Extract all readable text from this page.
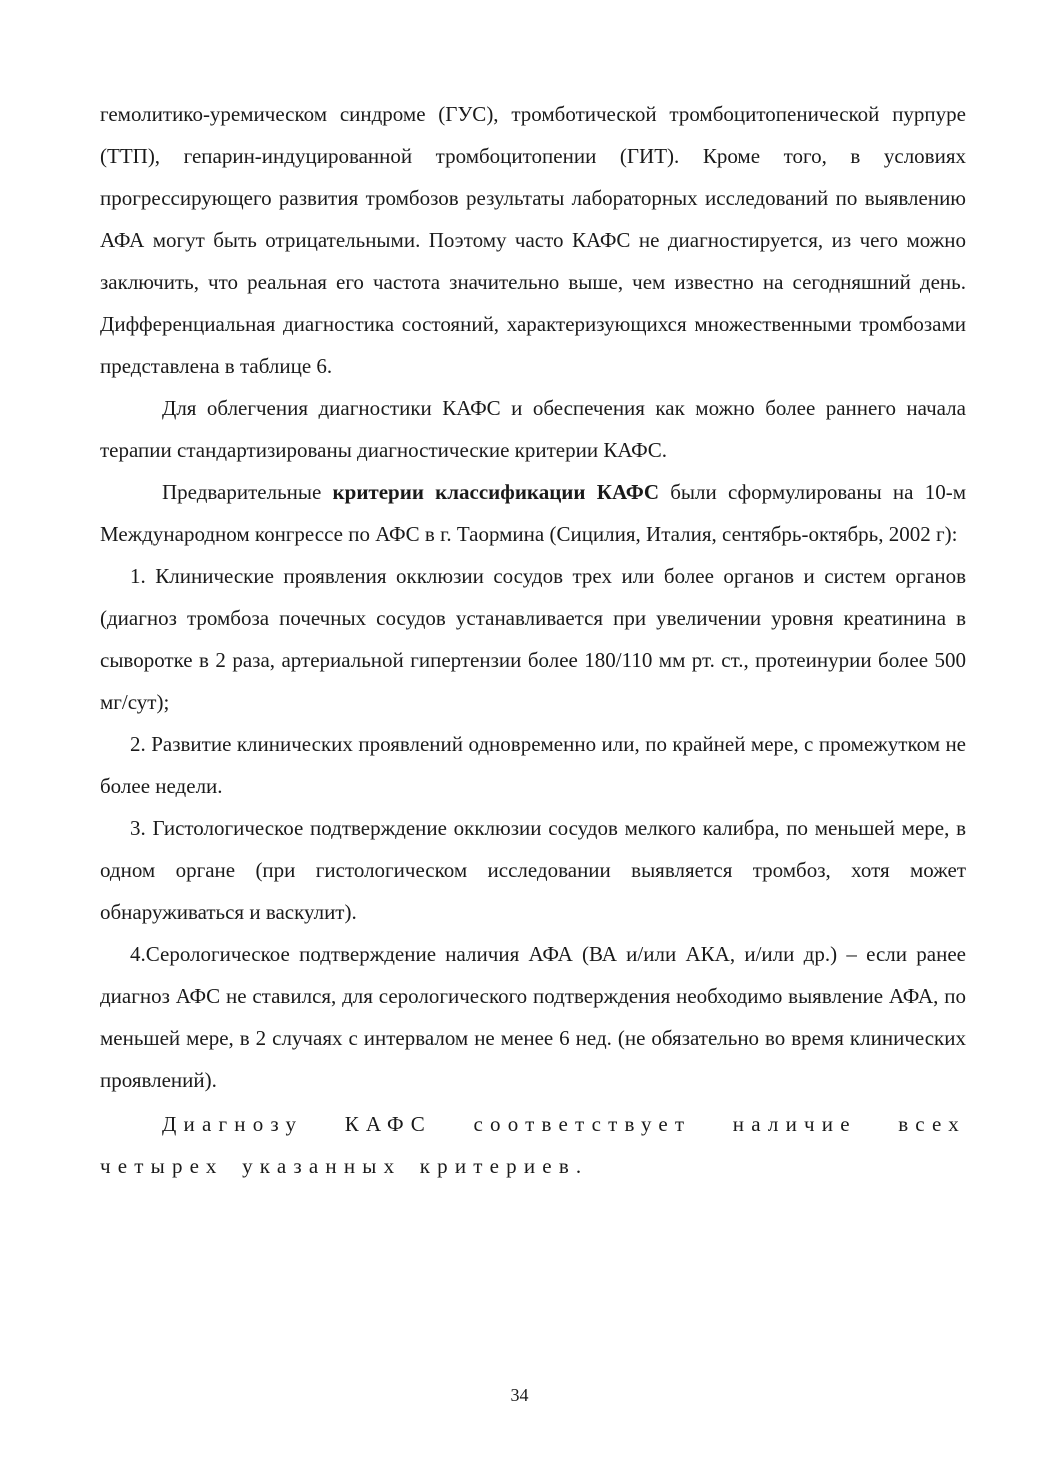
гемолитико-уремическом синдроме (ГУС), тромботической тромбоцитопенической пурпуре (ТТП), гепарин-индуцированной тромбоцитопении (ГИТ). Кроме того, в условиях прогрессирующего развития тромбозов результаты лабораторных исследований по выявлению АФА могут быть отрицательными. Поэтому часто КАФС не диагностируется, из чего можно заключить, что реальная его частота значительно выше, чем известно на сегодняшний день. Дифференциальная диагностика состояний, характеризующихся множественными тромбозами представлена в таблице 6.

Для облегчения диагностики КАФС и обеспечения как можно более раннего начала терапии стандартизированы диагностические критерии КАФС.

Предварительные критерии классификации КАФС были сформулированы на 10-м Международном конгрессе по АФС в г. Таормина (Сицилия, Италия, сентябрь-октябрь, 2002 г):

1. Клинические проявления окклюзии сосудов трех или более органов и систем органов (диагноз тромбоза почечных сосудов устанавливается при увеличении уровня креатинина в сыворотке в 2 раза, артериальной гипертензии более 180/110 мм рт. ст., протеинурии более 500 мг/сут);

2. Развитие клинических проявлений одновременно или, по крайней мере, с промежутком не более недели.

3. Гистологическое подтверждение окклюзии сосудов мелкого калибра, по меньшей мере, в одном органе (при гистологическом исследовании выявляется тромбоз, хотя может обнаруживаться и васкулит).

4.Серологическое подтверждение наличия АФА (ВА и/или АКА, и/или др.) – если ранее диагноз АФС не ставился, для серологического подтверждения необходимо выявление АФА, по меньшей мере, в 2 случаях с интервалом не менее 6 нед. (не обязательно во время клинических проявлений).

Диагнозу КАФС соответствует наличие всех четырех указанных критериев.

34
